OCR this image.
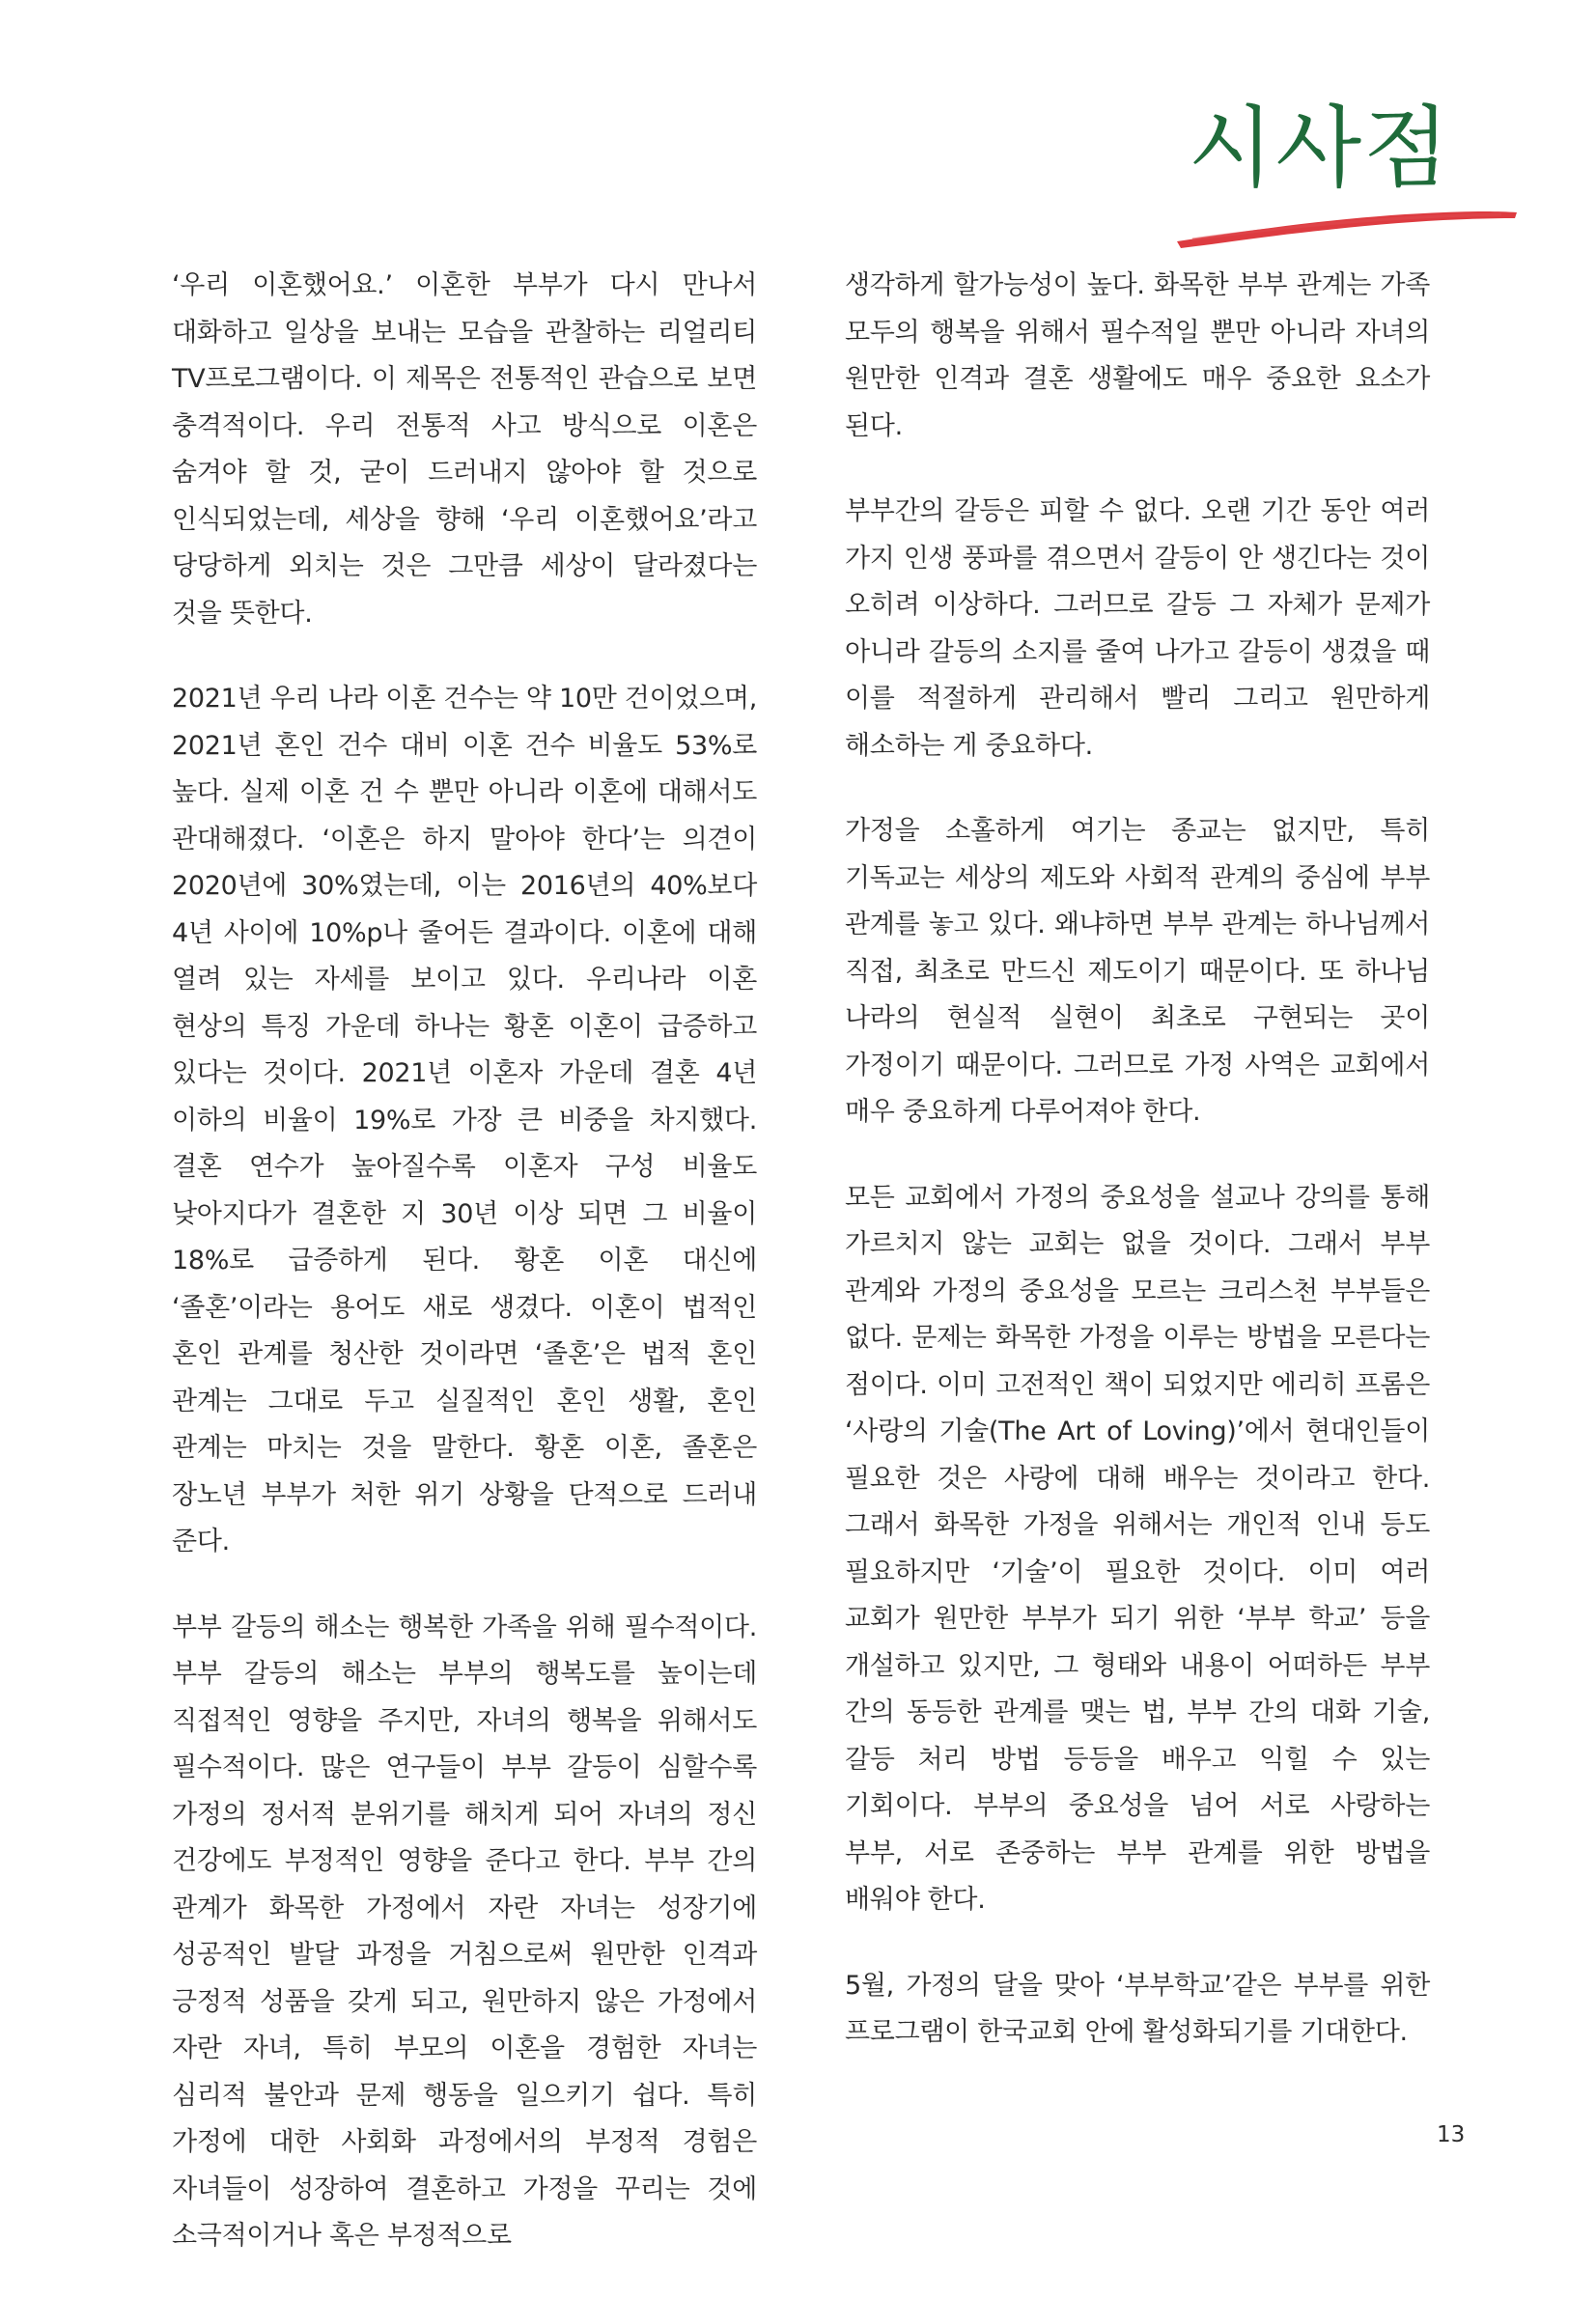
시사점

‘우리 이혼했어요.’ 이혼한 부부가 다시 만나서 대화하고 일상을 보내는 모습을 관찰하는 리얼리티 TV프로그램이다. 이 제목은 전통적인 관습으로 보면 충격적이다. 우리 전통적 사고 방식으로 이혼은 숨겨야 할 것, 굳이 드러내지 않아야 할 것으로 인식되었는데, 세상을 향해 ‘우리 이혼했어요’라고 당당하게 외치는 것은 그만큼 세상이 달라졌다는 것을 뜻한다.

2021년 우리 나라 이혼 건수는 약 10만 건이었으며, 2021년 혼인 건수 대비 이혼 건수 비율도 53%로 높다. 실제 이혼 건 수 뿐만 아니라 이혼에 대해서도 관대해졌다. ‘이혼은 하지 말아야 한다’는 의견이 2020년에 30%였는데, 이는 2016년의 40%보다 4년 사이에 10%p나 줄어든 결과이다. 이혼에 대해 열려 있는 자세를 보이고 있다. 우리나라 이혼 현상의 특징 가운데 하나는 황혼 이혼이 급증하고 있다는 것이다. 2021년 이혼자 가운데 결혼 4년 이하의 비율이 19%로 가장 큰 비중을 차지했다. 결혼 연수가 높아질수록 이혼자 구성 비율도 낮아지다가 결혼한 지 30년 이상 되면 그 비율이 18%로 급증하게 된다. 황혼 이혼 대신에 ‘졸혼’이라는 용어도 새로 생겼다. 이혼이 법적인 혼인 관계를 청산한 것이라면 ‘졸혼’은 법적 혼인 관계는 그대로 두고 실질적인 혼인 생활, 혼인 관계는 마치는 것을 말한다. 황혼 이혼, 졸혼은 장노년 부부가 처한 위기 상황을 단적으로 드러내 준다.

부부 갈등의 해소는 행복한 가족을 위해 필수적이다. 부부 갈등의 해소는 부부의 행복도를 높이는데 직접적인 영향을 주지만, 자녀의 행복을 위해서도 필수적이다. 많은 연구들이 부부 갈등이 심할수록 가정의 정서적 분위기를 해치게 되어 자녀의 정신 건강에도 부정적인 영향을 준다고 한다. 부부 간의 관계가 화목한 가정에서 자란 자녀는 성장기에 성공적인 발달 과정을 거침으로써 원만한 인격과 긍정적 성품을 갖게 되고, 원만하지 않은 가정에서 자란 자녀, 특히 부모의 이혼을 경험한 자녀는 심리적 불안과 문제 행동을 일으키기 쉽다. 특히 가정에 대한 사회화 과정에서의 부정적 경험은 자녀들이 성장하여 결혼하고 가정을 꾸리는 것에 소극적이거나 혹은 부정적으로

생각하게 할가능성이 높다. 화목한 부부 관계는 가족 모두의 행복을 위해서 필수적일 뿐만 아니라 자녀의 원만한 인격과 결혼 생활에도 매우 중요한 요소가 된다.

부부간의 갈등은 피할 수 없다. 오랜 기간 동안 여러 가지 인생 풍파를 겪으면서 갈등이 안 생긴다는 것이 오히려 이상하다. 그러므로 갈등 그 자체가 문제가 아니라 갈등의 소지를 줄여 나가고 갈등이 생겼을 때 이를 적절하게 관리해서 빨리 그리고 원만하게 해소하는 게 중요하다.

가정을 소홀하게 여기는 종교는 없지만, 특히 기독교는 세상의 제도와 사회적 관계의 중심에 부부 관계를 놓고 있다. 왜냐하면 부부 관계는 하나님께서 직접, 최초로 만드신 제도이기 때문이다. 또 하나님 나라의 현실적 실현이 최초로 구현되는 곳이 가정이기 때문이다. 그러므로 가정 사역은 교회에서 매우 중요하게 다루어져야 한다.

모든 교회에서 가정의 중요성을 설교나 강의를 통해 가르치지 않는 교회는 없을 것이다. 그래서 부부 관계와 가정의 중요성을 모르는 크리스천 부부들은 없다. 문제는 화목한 가정을 이루는 방법을 모른다는 점이다. 이미 고전적인 책이 되었지만 에리히 프롬은 ‘사랑의 기술(The Art of Loving)’에서 현대인들이 필요한 것은 사랑에 대해 배우는 것이라고 한다. 그래서 화목한 가정을 위해서는 개인적 인내 등도 필요하지만 ‘기술’이 필요한 것이다. 이미 여러 교회가 원만한 부부가 되기 위한 ‘부부 학교’ 등을 개설하고 있지만, 그 형태와 내용이 어떠하든 부부 간의 동등한 관계를 맺는 법, 부부 간의 대화 기술, 갈등 처리 방법 등등을 배우고 익힐 수 있는 기회이다. 부부의 중요성을 넘어 서로 사랑하는 부부, 서로 존중하는 부부 관계를 위한 방법을 배워야 한다.

5월, 가정의 달을 맞아 ‘부부학교’같은 부부를 위한 프로그램이 한국교회 안에 활성화되기를 기대한다.

13
